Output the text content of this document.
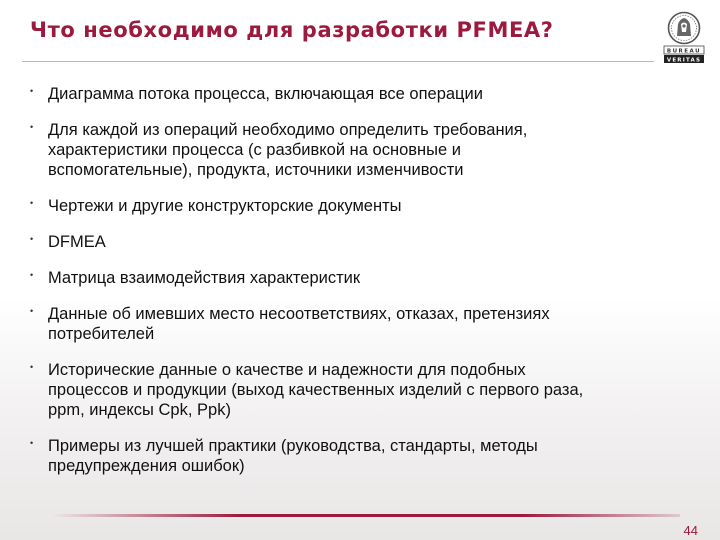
Что необходимо для разработки PFMEA?
BUREAU
VERITAS
• Диаграмма потока процесса, включающая все операции
• Для каждой из операций необходимо определить требования,
характеристики процесса (с разбивкой на основные и
вспомогательные), продукта, источники изменчивости
• Чертежи и другие конструкторские документы
• DFMEA
• Матрица взаимодействия характеристик
• Данные об имевших место несоответствиях, отказах, претензиях
потребителей
• Исторические данные о качестве и надежности для подобных
процессов и продукции (выход качественных изделий с первого раза,
ppm, индексы Cpk, Ppk)
• Примеры из лучшей практики (руководства, стандарты, методы
предупреждения ошибок)
44
